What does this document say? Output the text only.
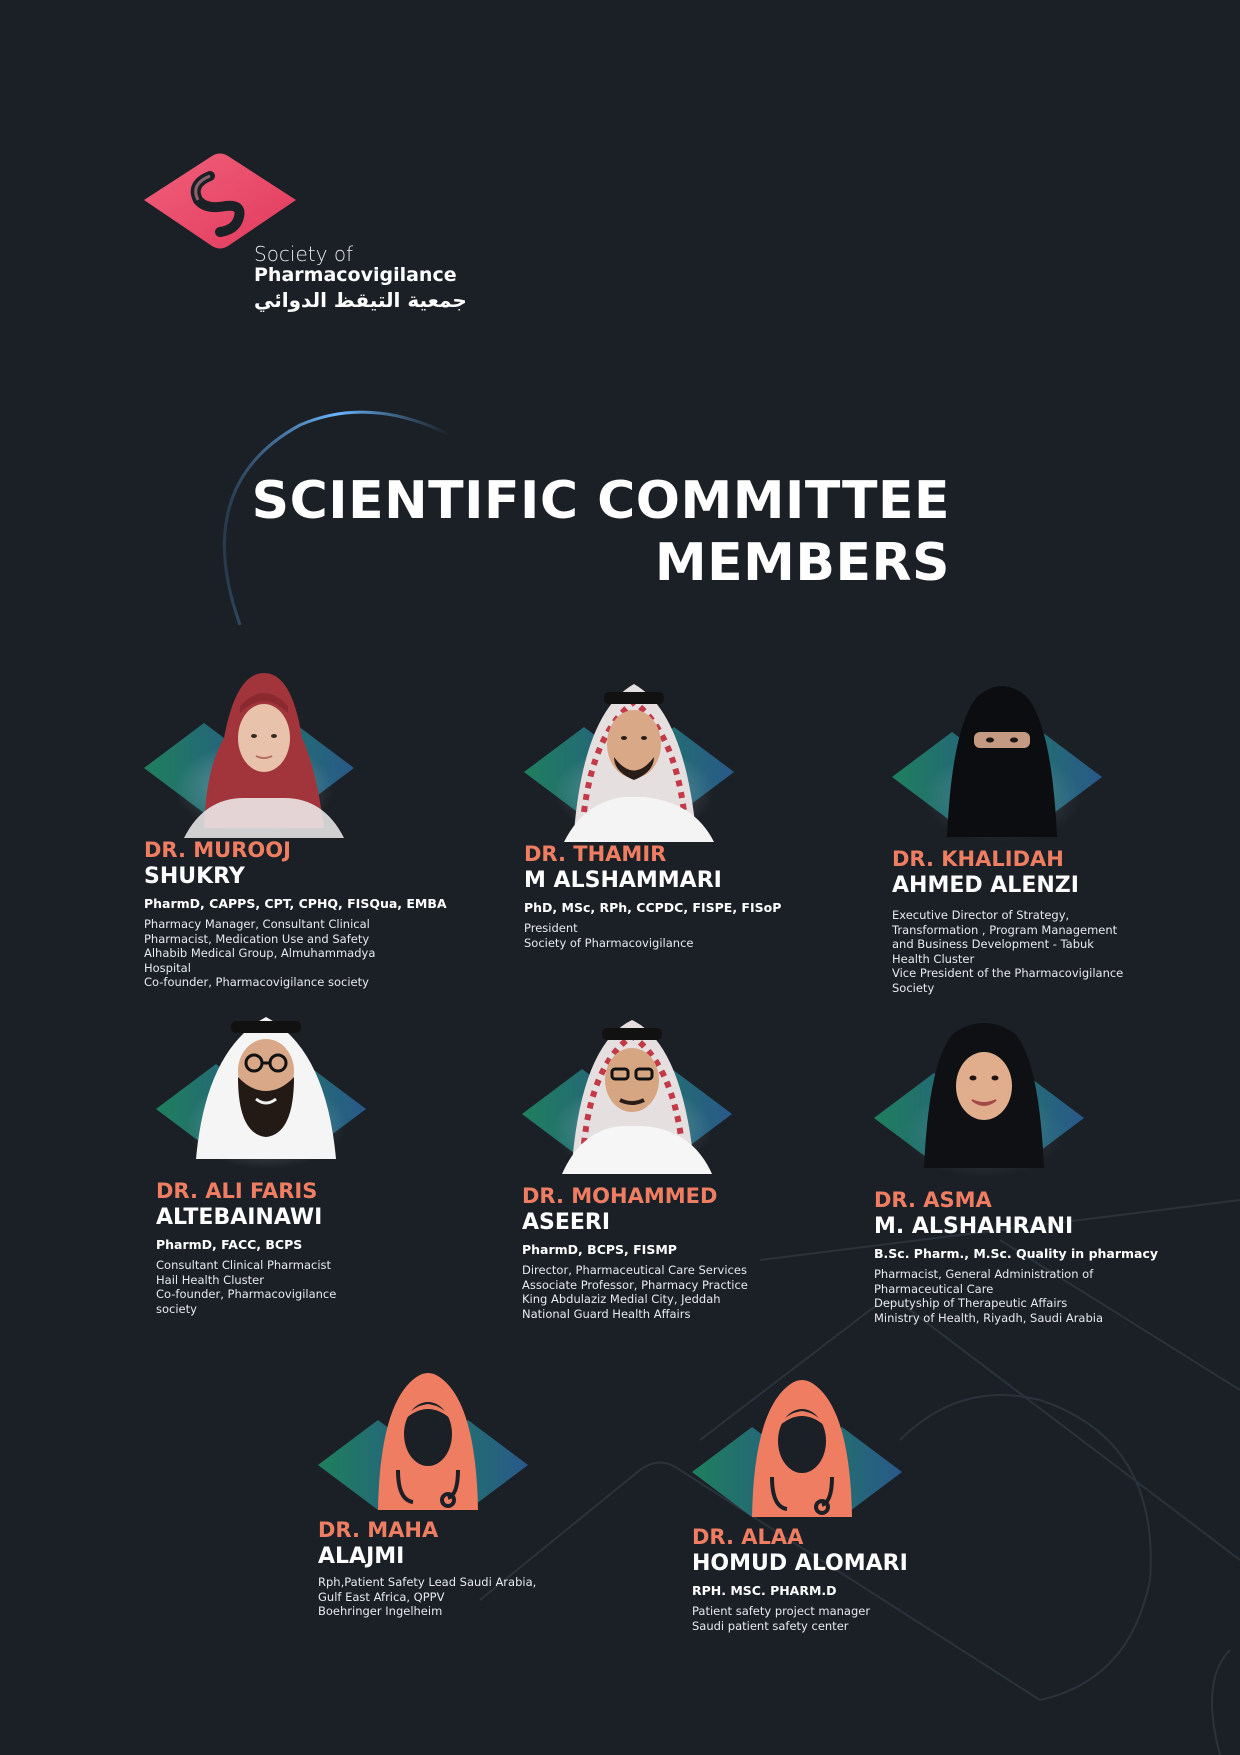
Society of
Pharmacovigilance
جمعية التيقظ الدوائي
SCIENTIFIC COMMITTEE
MEMBERS
DR. MUROOJ
SHUKRY
PharmD, CAPPS, CPT, CPHQ, FISQua, EMBA
Pharmacy Manager, Consultant Clinical
Pharmacist, Medication Use and Safety
Alhabib Medical Group, Almuhammadya
Hospital
Co-founder, Pharmacovigilance society
DR. THAMIR
M ALSHAMMARI
PhD, MSc, RPh, CCPDC, FISPE, FISoP
President
Society of Pharmacovigilance
DR. KHALIDAH
AHMED ALENZI
Executive Director of Strategy,
Transformation , Program Management
and Business Development - Tabuk
Health Cluster
Vice President of the Pharmacovigilance
Society
DR. ALI FARIS
ALTEBAINAWI
PharmD, FACC, BCPS
Consultant Clinical Pharmacist
Hail Health Cluster
Co-founder, Pharmacovigilance
society
DR. MOHAMMED
ASEERI
PharmD, BCPS, FISMP
Director, Pharmaceutical Care Services
Associate Professor, Pharmacy Practice
King Abdulaziz Medial City, Jeddah
National Guard Health Affairs
DR. ASMA
M. ALSHAHRANI
B.Sc. Pharm., M.Sc. Quality in pharmacy
Pharmacist, General Administration of
Pharmaceutical Care
Deputyship of Therapeutic Affairs
Ministry of Health, Riyadh, Saudi Arabia
DR. MAHA
ALAJMI
Rph,Patient Safety Lead Saudi Arabia,
Gulf East Africa, QPPV
Boehringer Ingelheim
DR. ALAA
HOMUD ALOMARI
RPH. MSC. PHARM.D
Patient safety project manager
Saudi patient safety center
